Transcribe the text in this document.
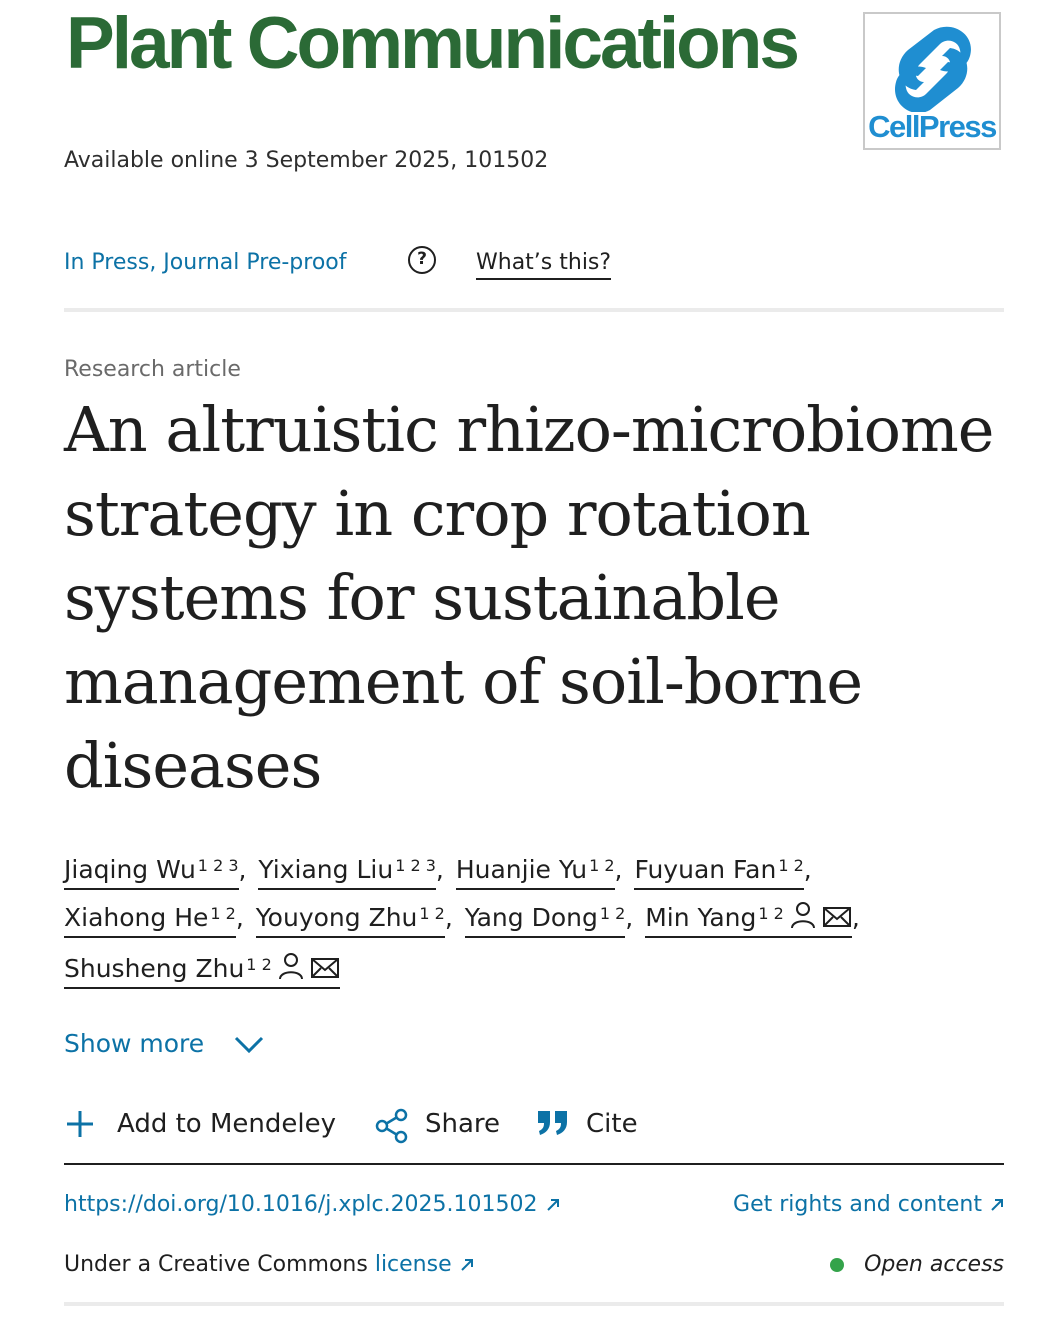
Plant Communications
CellPress
Available online 3 September 2025, 101502
In Press, Journal Pre-proof	?	What’s this?
Research article
An altruistic rhizo-microbiome strategy in crop rotation systems for sustainable management of soil-borne diseases
Jiaqing Wu $^{1 2 3}$, Yixiang Liu $^{1 2 3}$, Huanjie Yu $^{1 2}$, Fuyuan Fan $^{1 2}$,
Xiahong He $^{1 2}$, Youyong Zhu $^{1 2}$, Yang Dong $^{1 2}$, Min Yang $^{1 2}$	,
Shusheng Zhu $^{1 2}$
Show more
Add to Mendeley	Share	Cite
https://doi.org/10.1016/j.xplc.2025.101502	Get rights and content
Under a Creative Commons license	Open access
